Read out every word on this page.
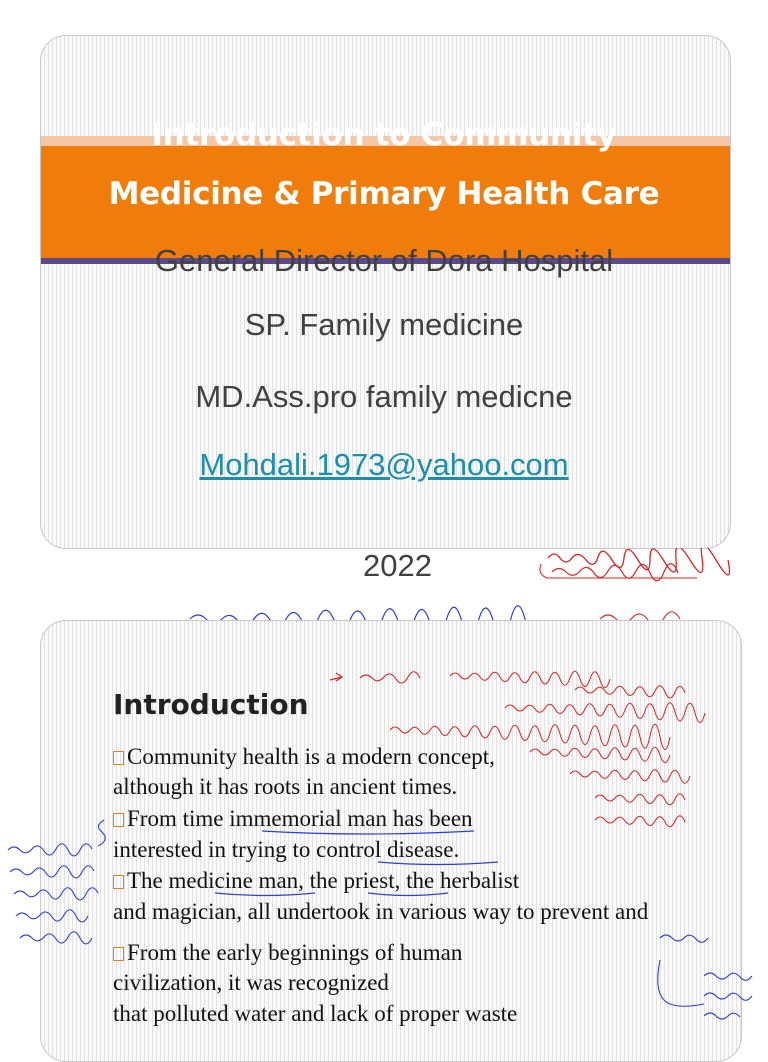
Introduction to Community
Medicine & Primary Health Care
General Director of Dora Hospital
SP. Family medicine
MD.Ass.pro family medicne
Mohdali.1973@yahoo.com
2022
Introduction
Community health is a modern concept,
although it has roots in ancient times.
From time immemorial man has been
interested in trying to control disease.
The medicine man, the priest, the herbalist
and magician, all undertook in various way to prevent and
From the early beginnings of human
civilization, it was recognized
that polluted water and lack of proper waste
